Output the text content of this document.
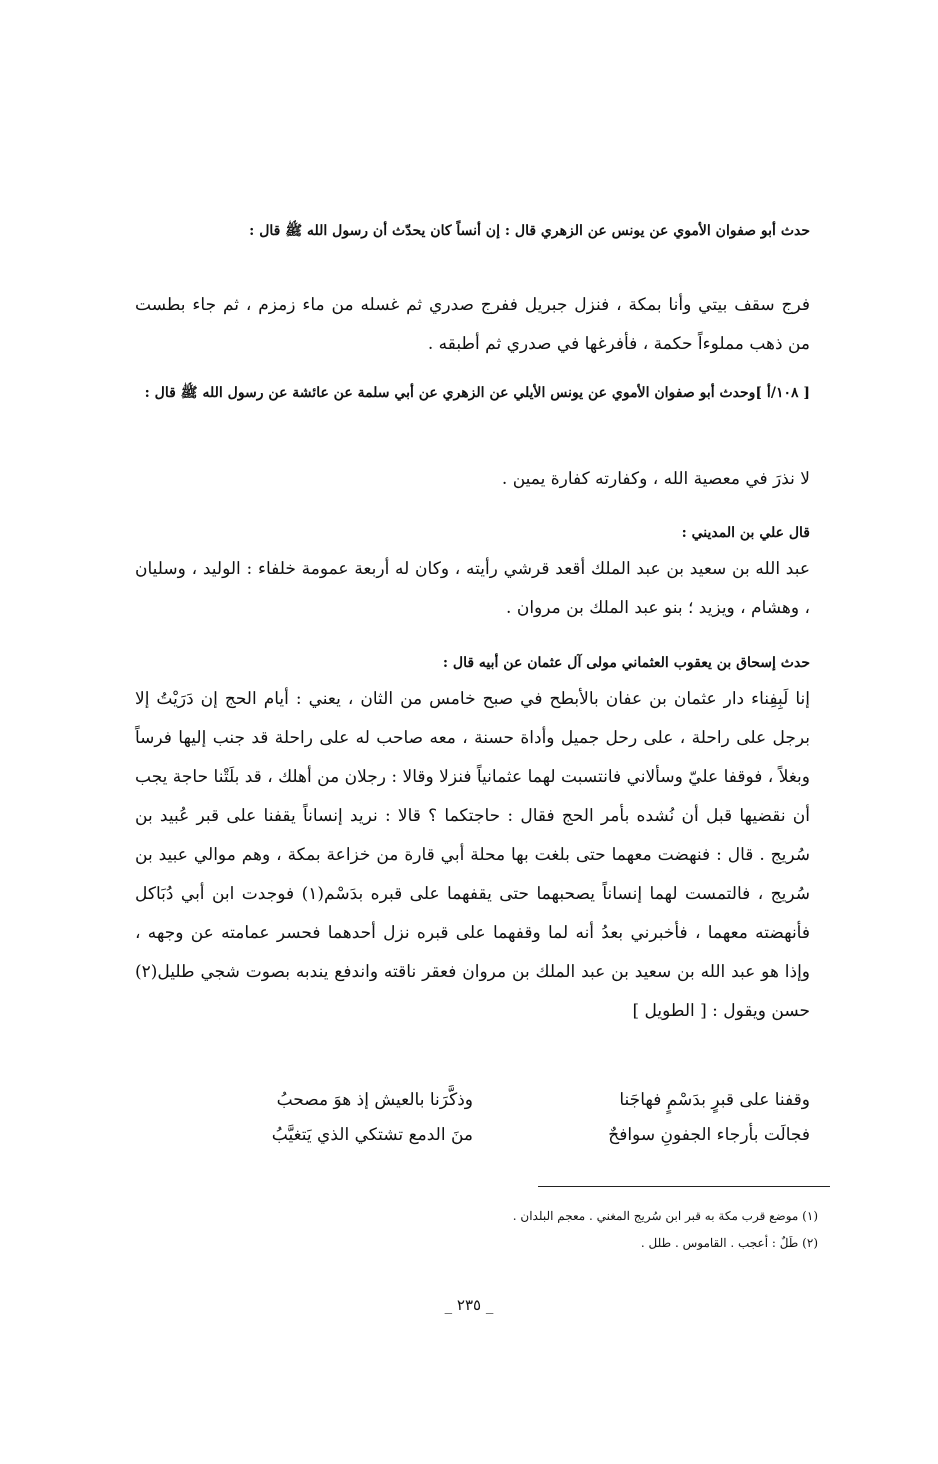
حدث أبو صفوان الأموي عن يونس عن الزهري قال : إن أنساً كان يحدّث أن رسول الله ﷺ قال :

فرج سقف بيتي وأنا بمكة ، فنزل جبريل ففرج صدري ثم غسله من ماء زمزم ، ثم جاء بطست من ذهب مملوءاً حكمة ، فأفرغها في صدري ثم أطبقه .

[ ١٠٨/أ ]وحدث أبو صفوان الأموي عن يونس الأيلي عن الزهري عن أبي سلمة عن عائشة عن رسول الله ﷺ قال :

لا نذرَ في معصية الله ، وكفارته كفارة يمين .

قال علي بن المديني :

عبد الله بن سعيد بن عبد الملك أقعد قرشي رأيته ، وكان له أربعة عمومة خلفاء : الوليد ، وسليان ، وهشام ، ويزيد ؛ بنو عبد الملك بن مروان .

حدث إسحاق بن يعقوب العثماني مولى آل عثمان عن أبيه قال :

إنا لَبِفِناء دار عثمان بن عفان بالأبطح في صبح خامس من الثان ، يعني : أيام الحج إن دَرَيْتُ إلا برجل على راحلة ، على رحل جميل وأداة حسنة ، معه صاحب له على راحلة قد جنب إليها فرساً وبغلاً ، فوقفا عليّ وسألاني فانتسبت لهما عثمانياً فنزلا وقالا : رجلان من أهلك ، قد بلَتْنا حاجة يجب أن نقضيها قبل أن نُشده بأمر الحج فقال : حاجتكما ؟ قالا : نريد إنساناً يقفنا على قبر عُبيد بن سُريج . قال : فنهضت معهما حتى بلغت بها محلة أبي قارة من خزاعة بمكة ، وهم موالي عبيد بن سُريج ، فالتمست لهما إنساناً يصحبهما حتى يقفهما على قبره بدَسْم(١) فوجدت ابن أبي دُبَاكل فأنهضته معهما ، فأخبرني بعدُ أنه لما وقفهما على قبره نزل أحدهما فحسر عمامته عن وجهه ، وإذا هو عبد الله بن سعيد بن عبد الملك بن مروان فعقر ناقته واندفع يندبه بصوت شجي طليل(٢) حسن ويقول : [ الطويل ]

وقفنا على قبرٍ بدَسْمٍ فهاجَنا
وذكَّرَنا بالعيش إذ هوَ مصحبُ
فجالَت بأرجاء الجفونِ سوافحٌ
منَ الدمع تشتكي الذي يَتغيَّبُ
(١) موضع قرب مكة به قبر ابن سُريج المغني . معجم البلدان .
(٢) طَلٌ : أعجب . القاموس . طلل .
_ ٢٣٥ _
